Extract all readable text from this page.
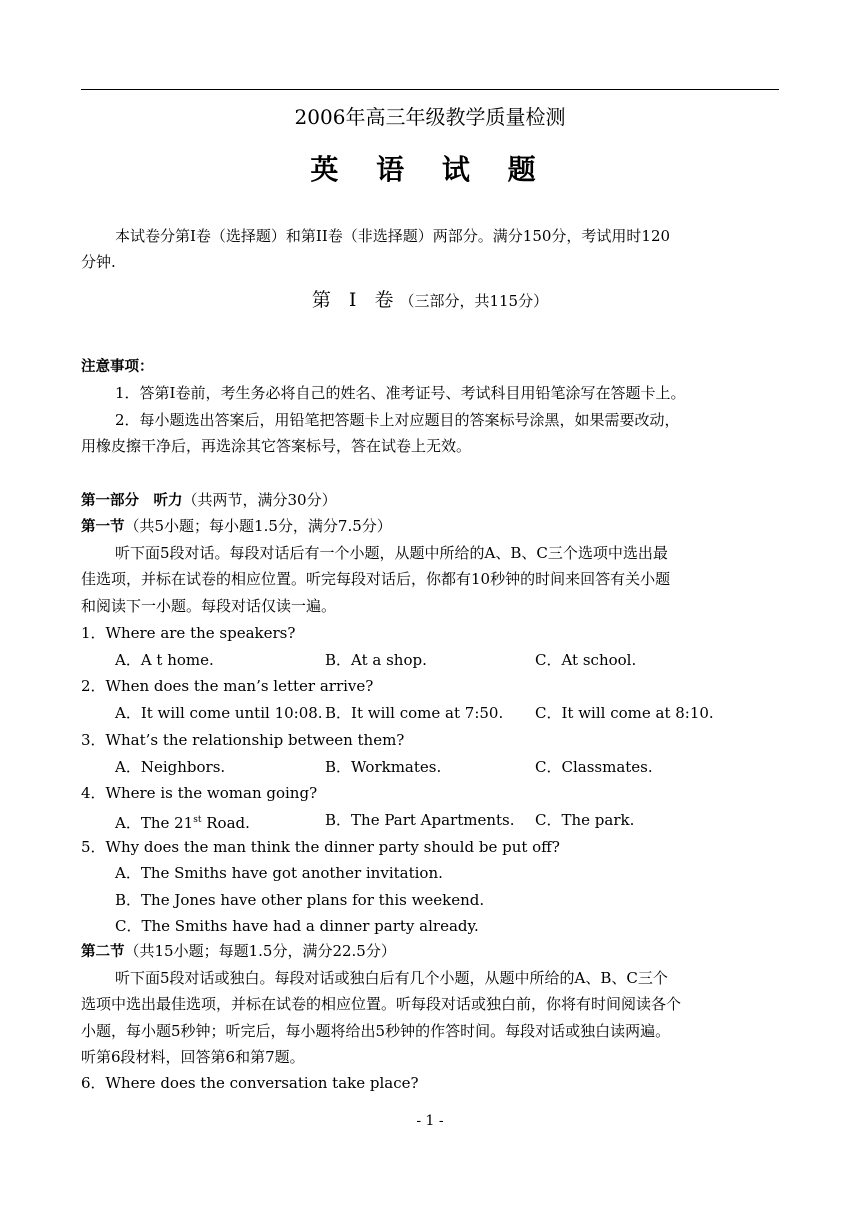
2006年高三年级教学质量检测
英 语 试 题
本试卷分第I卷（选择题）和第II卷（非选择题）两部分。满分150分，考试用时120
分钟.
第 Ⅰ 卷（三部分，共115分）
注意事项：
1．答第I卷前，考生务必将自己的姓名、准考证号、考试科目用铅笔涂写在答题卡上。
2．每小题选出答案后，用铅笔把答题卡上对应题目的答案标号涂黑，如果需要改动，
用橡皮擦干净后，再选涂其它答案标号，答在试卷上无效。
第一部分　听力（共两节，满分30分）
第一节（共5小题；每小题1.5分，满分7.5分）
听下面5段对话。每段对话后有一个小题，从题中所给的A、B、C三个选项中选出最
佳选项，并标在试卷的相应位置。听完每段对话后，你都有10秒钟的时间来回答有关小题
和阅读下一小题。每段对话仅读一遍。
1．Where are the speakers?
A．A t home.	B．At a shop.	C．At school.
2．When does the man’s letter arrive?
A．It will come until 10:08. B．It will come at 7:50. C．It will come at 8:10.
3．What’s the relationship between them?
A．Neighbors.	B．Workmates.	C．Classmates.
4．Where is the woman going?
A．The 21st Road.	B．The Part Apartments. C．The park.
5．Why does the man think the dinner party should be put off?
A．The Smiths have got another invitation.
B．The Jones have other plans for this weekend.
C．The Smiths have had a dinner party already.
第二节（共15小题；每题1.5分，满分22.5分）
听下面5段对话或独白。每段对话或独白后有几个小题，从题中所给的A、B、C三个
选项中选出最佳选项，并标在试卷的相应位置。听每段对话或独白前，你将有时间阅读各个
小题，每小题5秒钟；听完后，每小题将给出5秒钟的作答时间。每段对话或独白读两遍。
听第6段材料，回答第6和第7题。
6．Where does the conversation take place?
- 1 -
